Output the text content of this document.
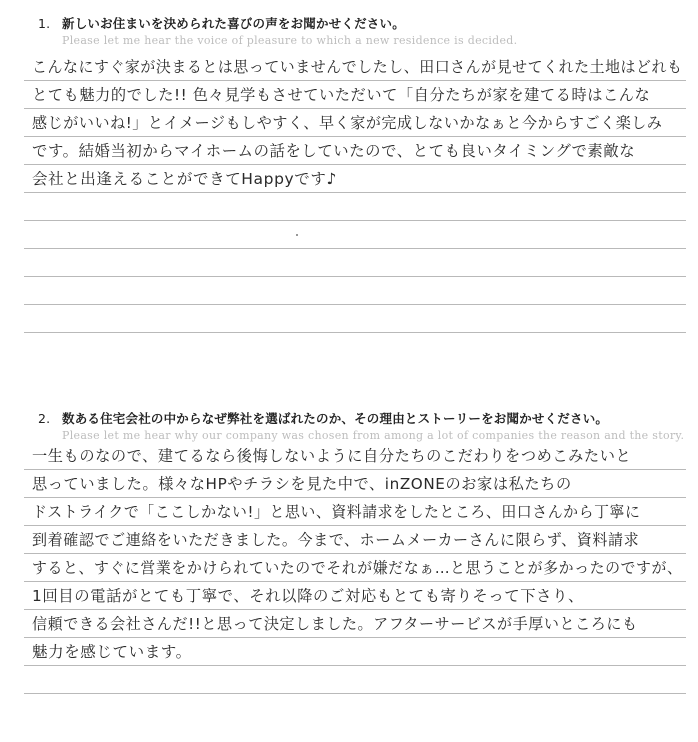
1. 新しいお住まいを決められた喜びの声をお聞かせください。
Please let me hear the voice of pleasure to which a new residence is decided.
こんなにすぐ家が決まるとは思っていませんでしたし、田口さんが見せてくれた土地はどれも
とても魅力的でした!! 色々見学もさせていただいて「自分たちが家を建てる時はこんな
感じがいいね!」とイメージもしやすく、早く家が完成しないかなぁと今からすごく楽しみ
です。結婚当初からマイホームの話をしていたので、とても良いタイミングで素敵な
会社と出逢えることができてHappyです♪
2. 数ある住宅会社の中からなぜ弊社を選ばれたのか、その理由とストーリーをお聞かせください。
Please let me hear why our company was chosen from among a lot of companies the reason and the story.
一生ものなので、建てるなら後悔しないように自分たちのこだわりをつめこみたいと
思っていました。様々なHPやチラシを見た中で、inZONEのお家は私たちの
ドストライクで「ここしかない!」と思い、資料請求をしたところ、田口さんから丁寧に
到着確認でご連絡をいただきました。今まで、ホームメーカーさんに限らず、資料請求
すると、すぐに営業をかけられていたのでそれが嫌だなぁ…と思うことが多かったのですが、
1回目の電話がとても丁寧で、それ以降のご対応もとても寄りそって下さり、
信頼できる会社さんだ!!と思って決定しました。アフターサービスが手厚いところにも
魅力を感じています。
